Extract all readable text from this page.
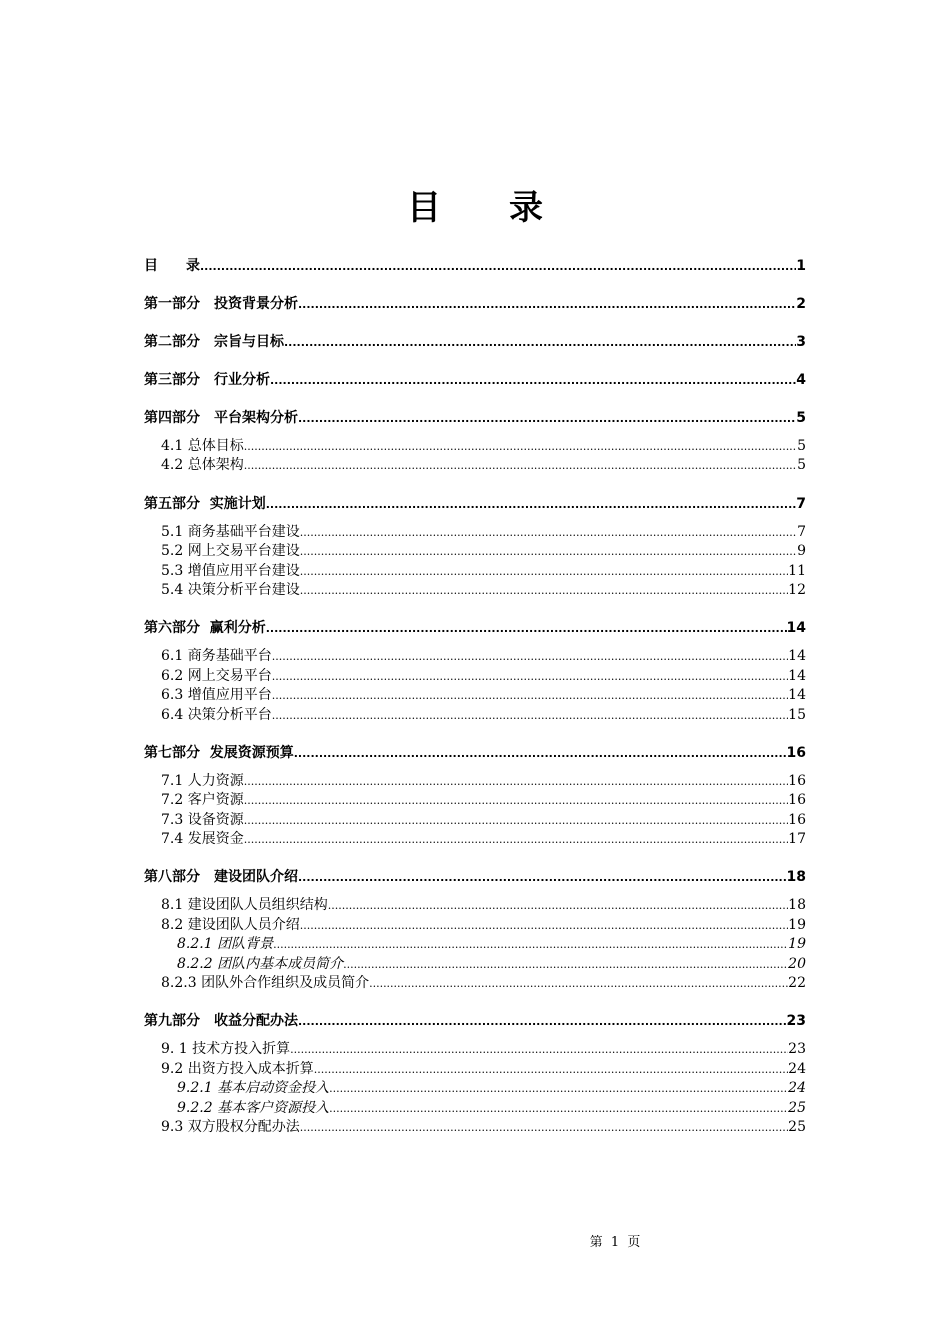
目　　录
目　　录 .....	1
第一部分　投资背景分析 .....	2
第二部分　宗旨与目标 .....	3
第三部分　行业分析 .....	4
第四部分　平台架构分析 .....	5
4.1 总体目标 .....	5
4.2 总体架构 .....	5
第五部分  实施计划 .....	7
5.1 商务基础平台建设 .....	7
5.2 网上交易平台建设 .....	9
5.3 增值应用平台建设 .....	11
5.4 决策分析平台建设 .....	12
第六部分  赢利分析 .....	14
6.1 商务基础平台 .....	14
6.2 网上交易平台 .....	14
6.3 增值应用平台 .....	14
6.4 决策分析平台 .....	15
第七部分  发展资源预算 .....	16
7.1 人力资源 .....	16
7.2 客户资源 .....	16
7.3 设备资源 .....	16
7.4 发展资金 .....	17
第八部分　建设团队介绍 .....	18
8.1 建设团队人员组织结构 .....	18
8.2 建设团队人员介绍 .....	19
8.2.1 团队背景 .....	19
8.2.2 团队内基本成员简介 .....	20
8.2.3 团队外合作组织及成员简介 .....	22
第九部分　收益分配办法 .....	23
9. 1 技术方投入折算 .....	23
9.2 出资方投入成本折算 .....	24
9.2.1 基本启动资金投入 .....	24
9.2.2 基本客户资源投入 .....	25
9.3 双方股权分配办法 .....	25
第  1  页
